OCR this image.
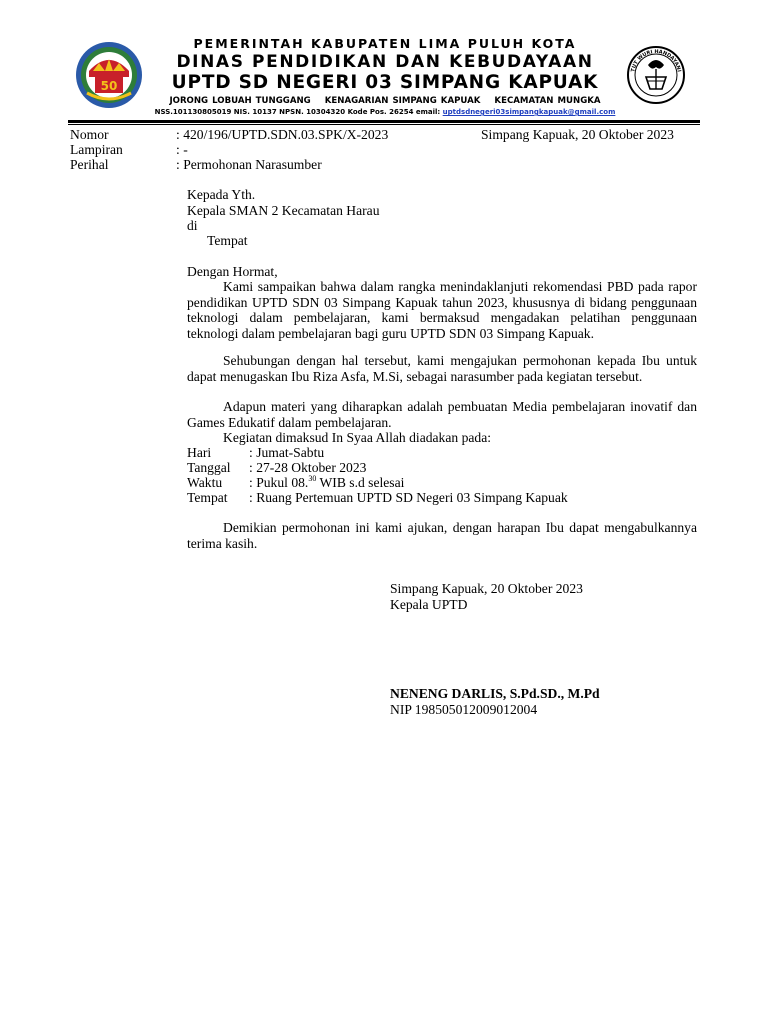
50
PEMERINTAH KABUPATEN LIMA PULUH KOTA
DINAS PENDIDIKAN DAN KEBUDAYAAN
UPTD SD NEGERI 03 SIMPANG KAPUAK
JORONG LOBUAH TUNGGANG KENAGARIAN SIMPANG KAPUAK KECAMATAN MUNGKA
NSS.101130805019 NIS. 10137 NPSN. 10304320 Kode Pos. 26254 email: uptdsdnegeri03simpangkapuak@gmail.com
TUT WURI HANDAYANI
Nomor	: 420/196/UPTD.SDN.03.SPK/X-2023	Simpang Kapuak, 20 Oktober 2023
Lampiran	: -
Perihal	: Permohonan Narasumber
Kepada Yth.
Kepala SMAN 2 Kecamatan Harau
di
Tempat
Dengan Hormat,
Kami sampaikan bahwa dalam rangka menindaklanjuti rekomendasi PBD pada rapor pendidikan UPTD SDN 03 Simpang Kapuak tahun 2023, khususnya di bidang penggunaan teknologi dalam pembelajaran, kami bermaksud mengadakan pelatihan penggunaan teknologi dalam pembelajaran bagi guru UPTD SDN 03 Simpang Kapuak.
Sehubungan dengan hal tersebut, kami mengajukan permohonan kepada Ibu untuk dapat menugaskan Ibu Riza Asfa, M.Si, sebagai narasumber pada kegiatan tersebut.
Adapun materi yang diharapkan adalah pembuatan Media pembelajaran inovatif dan Games Edukatif dalam pembelajaran.
Kegiatan dimaksud In Syaa Allah diadakan pada:
Hari	: Jumat-Sabtu
Tanggal : 27-28 Oktober 2023
Waktu : Pukul 08.30 WIB s.d selesai
Tempat : Ruang Pertemuan UPTD SD Negeri 03 Simpang Kapuak
Demikian permohonan ini kami ajukan, dengan harapan Ibu dapat mengabulkannya terima kasih.
Simpang Kapuak, 20 Oktober 2023
Kepala UPTD
NENENG DARLIS, S.Pd.SD., M.Pd
NIP 198505012009012004
